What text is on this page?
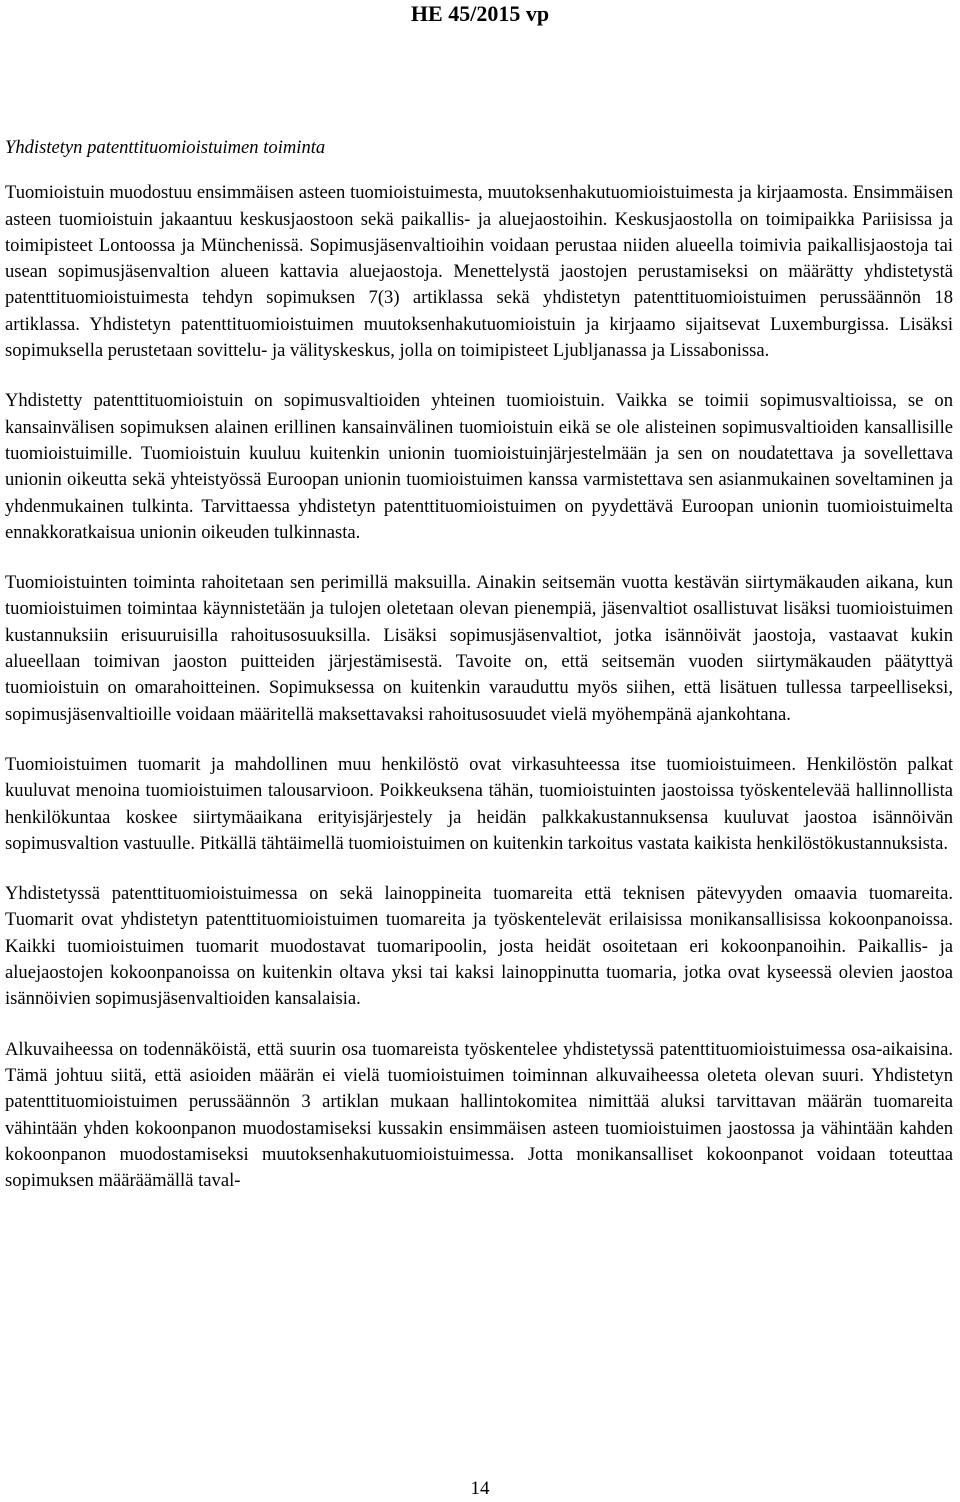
HE 45/2015 vp
Yhdistetyn patenttituomioistuimen toiminta

Tuomioistuin muodostuu ensimmäisen asteen tuomioistuimesta, muutoksenhakutuomioistuimesta ja kirjaamosta. Ensimmäisen asteen tuomioistuin jakaantuu keskusjaostoon sekä paikallis- ja aluejaostoihin. Keskusjaostolla on toimipaikka Pariisissa ja toimipisteet Lontoossa ja Münchenissä. Sopimusjäsenvaltioihin voidaan perustaa niiden alueella toimivia paikallisjaostoja tai usean sopimusjäsenvaltion alueen kattavia aluejaostoja. Menettelystä jaostojen perustamiseksi on määrätty yhdistetystä patenttituomioistuimesta tehdyn sopimuksen 7(3) artiklassa sekä yhdistetyn patenttituomioistuimen perussäännön 18 artiklassa. Yhdistetyn patenttituomioistuimen muutoksenhakutuomioistuin ja kirjaamo sijaitsevat Luxemburgissa. Lisäksi sopimuksella perustetaan sovittelu- ja välityskeskus, jolla on toimipisteet Ljubljanassa ja Lissabonissa.

Yhdistetty patenttituomioistuin on sopimusvaltioiden yhteinen tuomioistuin. Vaikka se toimii sopimusvaltioissa, se on kansainvälisen sopimuksen alainen erillinen kansainvälinen tuomioistuin eikä se ole alisteinen sopimusvaltioiden kansallisille tuomioistuimille. Tuomioistuin kuuluu kuitenkin unionin tuomioistuinjärjestelmään ja sen on noudatettava ja sovellettava unionin oikeutta sekä yhteistyössä Euroopan unionin tuomioistuimen kanssa varmistettava sen asianmukainen soveltaminen ja yhdenmukainen tulkinta. Tarvittaessa yhdistetyn patenttituomioistuimen on pyydettävä Euroopan unionin tuomioistuimelta ennakkoratkaisua unionin oikeuden tulkinnasta.

Tuomioistuinten toiminta rahoitetaan sen perimillä maksuilla. Ainakin seitsemän vuotta kestävän siirtymäkauden aikana, kun tuomioistuimen toimintaa käynnistetään ja tulojen oletetaan olevan pienempiä, jäsenvaltiot osallistuvat lisäksi tuomioistuimen kustannuksiin erisuuruisilla rahoitusosuuksilla. Lisäksi sopimusjäsenvaltiot, jotka isännöivät jaostoja, vastaavat kukin alueellaan toimivan jaoston puitteiden järjestämisestä. Tavoite on, että seitsemän vuoden siirtymäkauden päätyttyä tuomioistuin on omarahoitteinen. Sopimuksessa on kuitenkin varauduttu myös siihen, että lisätuen tullessa tarpeelliseksi, sopimusjäsenvaltioille voidaan määritellä maksettavaksi rahoitusosuudet vielä myöhempänä ajankohtana.

Tuomioistuimen tuomarit ja mahdollinen muu henkilöstö ovat virkasuhteessa itse tuomioistuimeen. Henkilöstön palkat kuuluvat menoina tuomioistuimen talousarvioon. Poikkeuksena tähän, tuomioistuinten jaostoissa työskentelevää hallinnollista henkilökuntaa koskee siirtymäaikana erityisjärjestely ja heidän palkkakustannuksensa kuuluvat jaostoa isännöivän sopimusvaltion vastuulle. Pitkällä tähtäimellä tuomioistuimen on kuitenkin tarkoitus vastata kaikista henkilöstökustannuksista.

Yhdistetyssä patenttituomioistuimessa on sekä lainoppineita tuomareita että teknisen pätevyyden omaavia tuomareita. Tuomarit ovat yhdistetyn patenttituomioistuimen tuomareita ja työskentelevät erilaisissa monikansallisissa kokoonpanoissa. Kaikki tuomioistuimen tuomarit muodostavat tuomaripoolin, josta heidät osoitetaan eri kokoonpanoihin. Paikallis- ja aluejaostojen kokoonpanoissa on kuitenkin oltava yksi tai kaksi lainoppinutta tuomaria, jotka ovat kyseessä olevien jaostoa isännöivien sopimusjäsenvaltioiden kansalaisia.

Alkuvaiheessa on todennäköistä, että suurin osa tuomareista työskentelee yhdistetyssä patenttituomioistuimessa osa-aikaisina. Tämä johtuu siitä, että asioiden määrän ei vielä tuomioistuimen toiminnan alkuvaiheessa oleteta olevan suuri. Yhdistetyn patenttituomioistuimen perussäännön 3 artiklan mukaan hallintokomitea nimittää aluksi tarvittavan määrän tuomareita vähintään yhden kokoonpanon muodostamiseksi kussakin ensimmäisen asteen tuomioistuimen jaostossa ja vähintään kahden kokoonpanon muodostamiseksi muutoksenhakutuomioistuimessa. Jotta monikansalliset kokoonpanot voidaan toteuttaa sopimuksen määräämällä taval-

14
